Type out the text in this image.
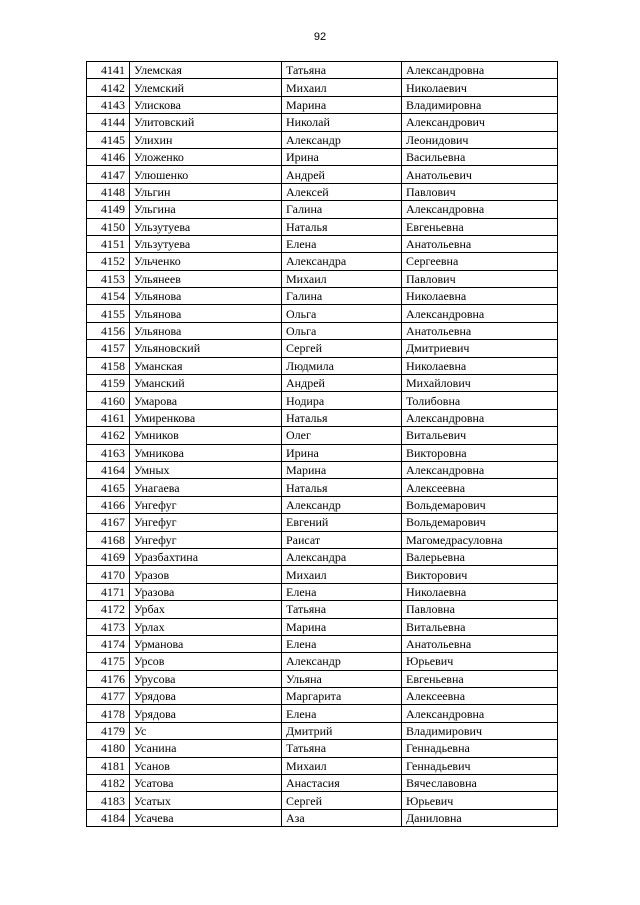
92
4141	Улемская	Татьяна	Александровна
4142	Улемский	Михаил	Николаевич
4143	Улискова	Марина	Владимировна
4144	Улитовский	Николай	Александрович
4145	Улихин	Александр	Леонидович
4146	Уложенко	Ирина	Васильевна
4147	Улюшенко	Андрей	Анатольевич
4148	Ульгин	Алексей	Павлович
4149	Ульгина	Галина	Александровна
4150	Ульзутуева	Наталья	Евгеньевна
4151	Ульзутуева	Елена	Анатольевна
4152	Ульченко	Александра	Сергеевна
4153	Ульянеев	Михаил	Павлович
4154	Ульянова	Галина	Николаевна
4155	Ульянова	Ольга	Александровна
4156	Ульянова	Ольга	Анатольевна
4157	Ульяновский	Сергей	Дмитриевич
4158	Уманская	Людмила	Николаевна
4159	Уманский	Андрей	Михайлович
4160	Умарова	Нодира	Толибовна
4161	Умиренкова	Наталья	Александровна
4162	Умников	Олег	Витальевич
4163	Умникова	Ирина	Викторовна
4164	Умных	Марина	Александровна
4165	Унагаева	Наталья	Алексеевна
4166	Унгефуг	Александр	Вольдемарович
4167	Унгефуг	Евгений	Вольдемарович
4168	Унгефуг	Раисат	Магомедрасуловна
4169	Уразбахтина	Александра	Валерьевна
4170	Уразов	Михаил	Викторович
4171	Уразова	Елена	Николаевна
4172	Урбах	Татьяна	Павловна
4173	Урлах	Марина	Витальевна
4174	Урманова	Елена	Анатольевна
4175	Урсов	Александр	Юрьевич
4176	Урусова	Ульяна	Евгеньевна
4177	Урядова	Маргарита	Алексеевна
4178	Урядова	Елена	Александровна
4179	Ус	Дмитрий	Владимирович
4180	Усанина	Татьяна	Геннадьевна
4181	Усанов	Михаил	Геннадьевич
4182	Усатова	Анастасия	Вячеславовна
4183	Усатых	Сергей	Юрьевич
4184	Усачева	Аза	Даниловна
